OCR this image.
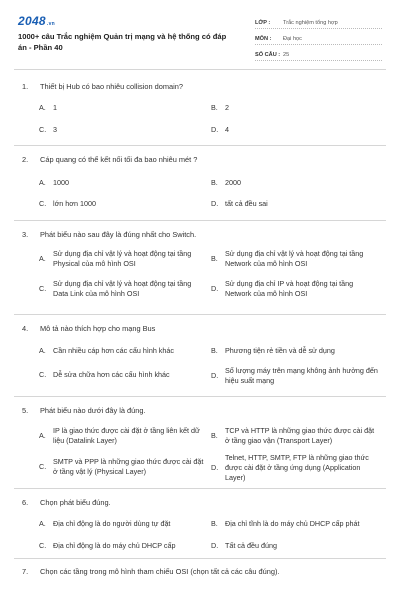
2048 .vn
1000+ câu Trắc nghiệm Quản trị mạng và hệ thống có đáp án - Phần 40
LỚP :	Trắc nghiệm tổng hợp
MÔN :	Đại học
SỐ CÂU : 25
1.	Thiết bị Hub có bao nhiêu collision domain?
A.	1	B.	2
C. 3	D. 4
2.	Cáp quang có thể kết nối tối đa bao nhiêu mét ?
A.	1000	B.	2000
C. lớn hơn 1000	D. tất cả đều sai
3.	Phát biểu nào sau đây là đúng nhất cho Switch.
A.
Sử dụng địa chỉ vật lý và hoạt động tại tầng Physical của mô hình OSI
B.
Sử dụng địa chỉ vật lý và hoạt động tại tầng Network của mô hình OSI
C.
Sử dụng địa chỉ vật lý và hoạt động tại tầng Data Link của mô hình OSI
D.
Sử dụng địa chỉ IP và hoạt động tại tầng Network của mô hình OSI
4.	Mô tả nào thích hợp cho mạng Bus
A.	Cần nhiều cáp hơn các cấu hình khác	B.	Phương tiện rẻ tiền và dễ sử dụng
C. Dễ sửa chữa hơn các cấu hình khác	D.
Số lượng máy trên mạng không ảnh hưởng đến hiệu suất mạng
5.	Phát biểu nào dưới đây là đúng.
A.
IP là giao thức được cài đặt ở tầng liên kết dữ liệu (Datalink Layer)
B.
TCP và HTTP là những giao thức được cài đặt ở tầng giao vận (Transport Layer)
C.
SMTP và PPP là những giao thức được cài đặt ở tầng vật lý (Physical Layer)	D.
Telnet, HTTP, SMTP, FTP là những giao thức được cài đặt ở tầng ứng dụng (Application Layer)
6.	Chọn phát biểu đúng.
A.	Địa chỉ động là do người dùng tự đặt	B.	Địa chỉ tĩnh là do máy chủ DHCP cấp phát
C. Địa chỉ động là do máy chủ DHCP cấp	D. Tất cả đều đúng
7.	Chọn các tầng trong mô hình tham chiếu OSI (chọn tất cả các câu đúng).
